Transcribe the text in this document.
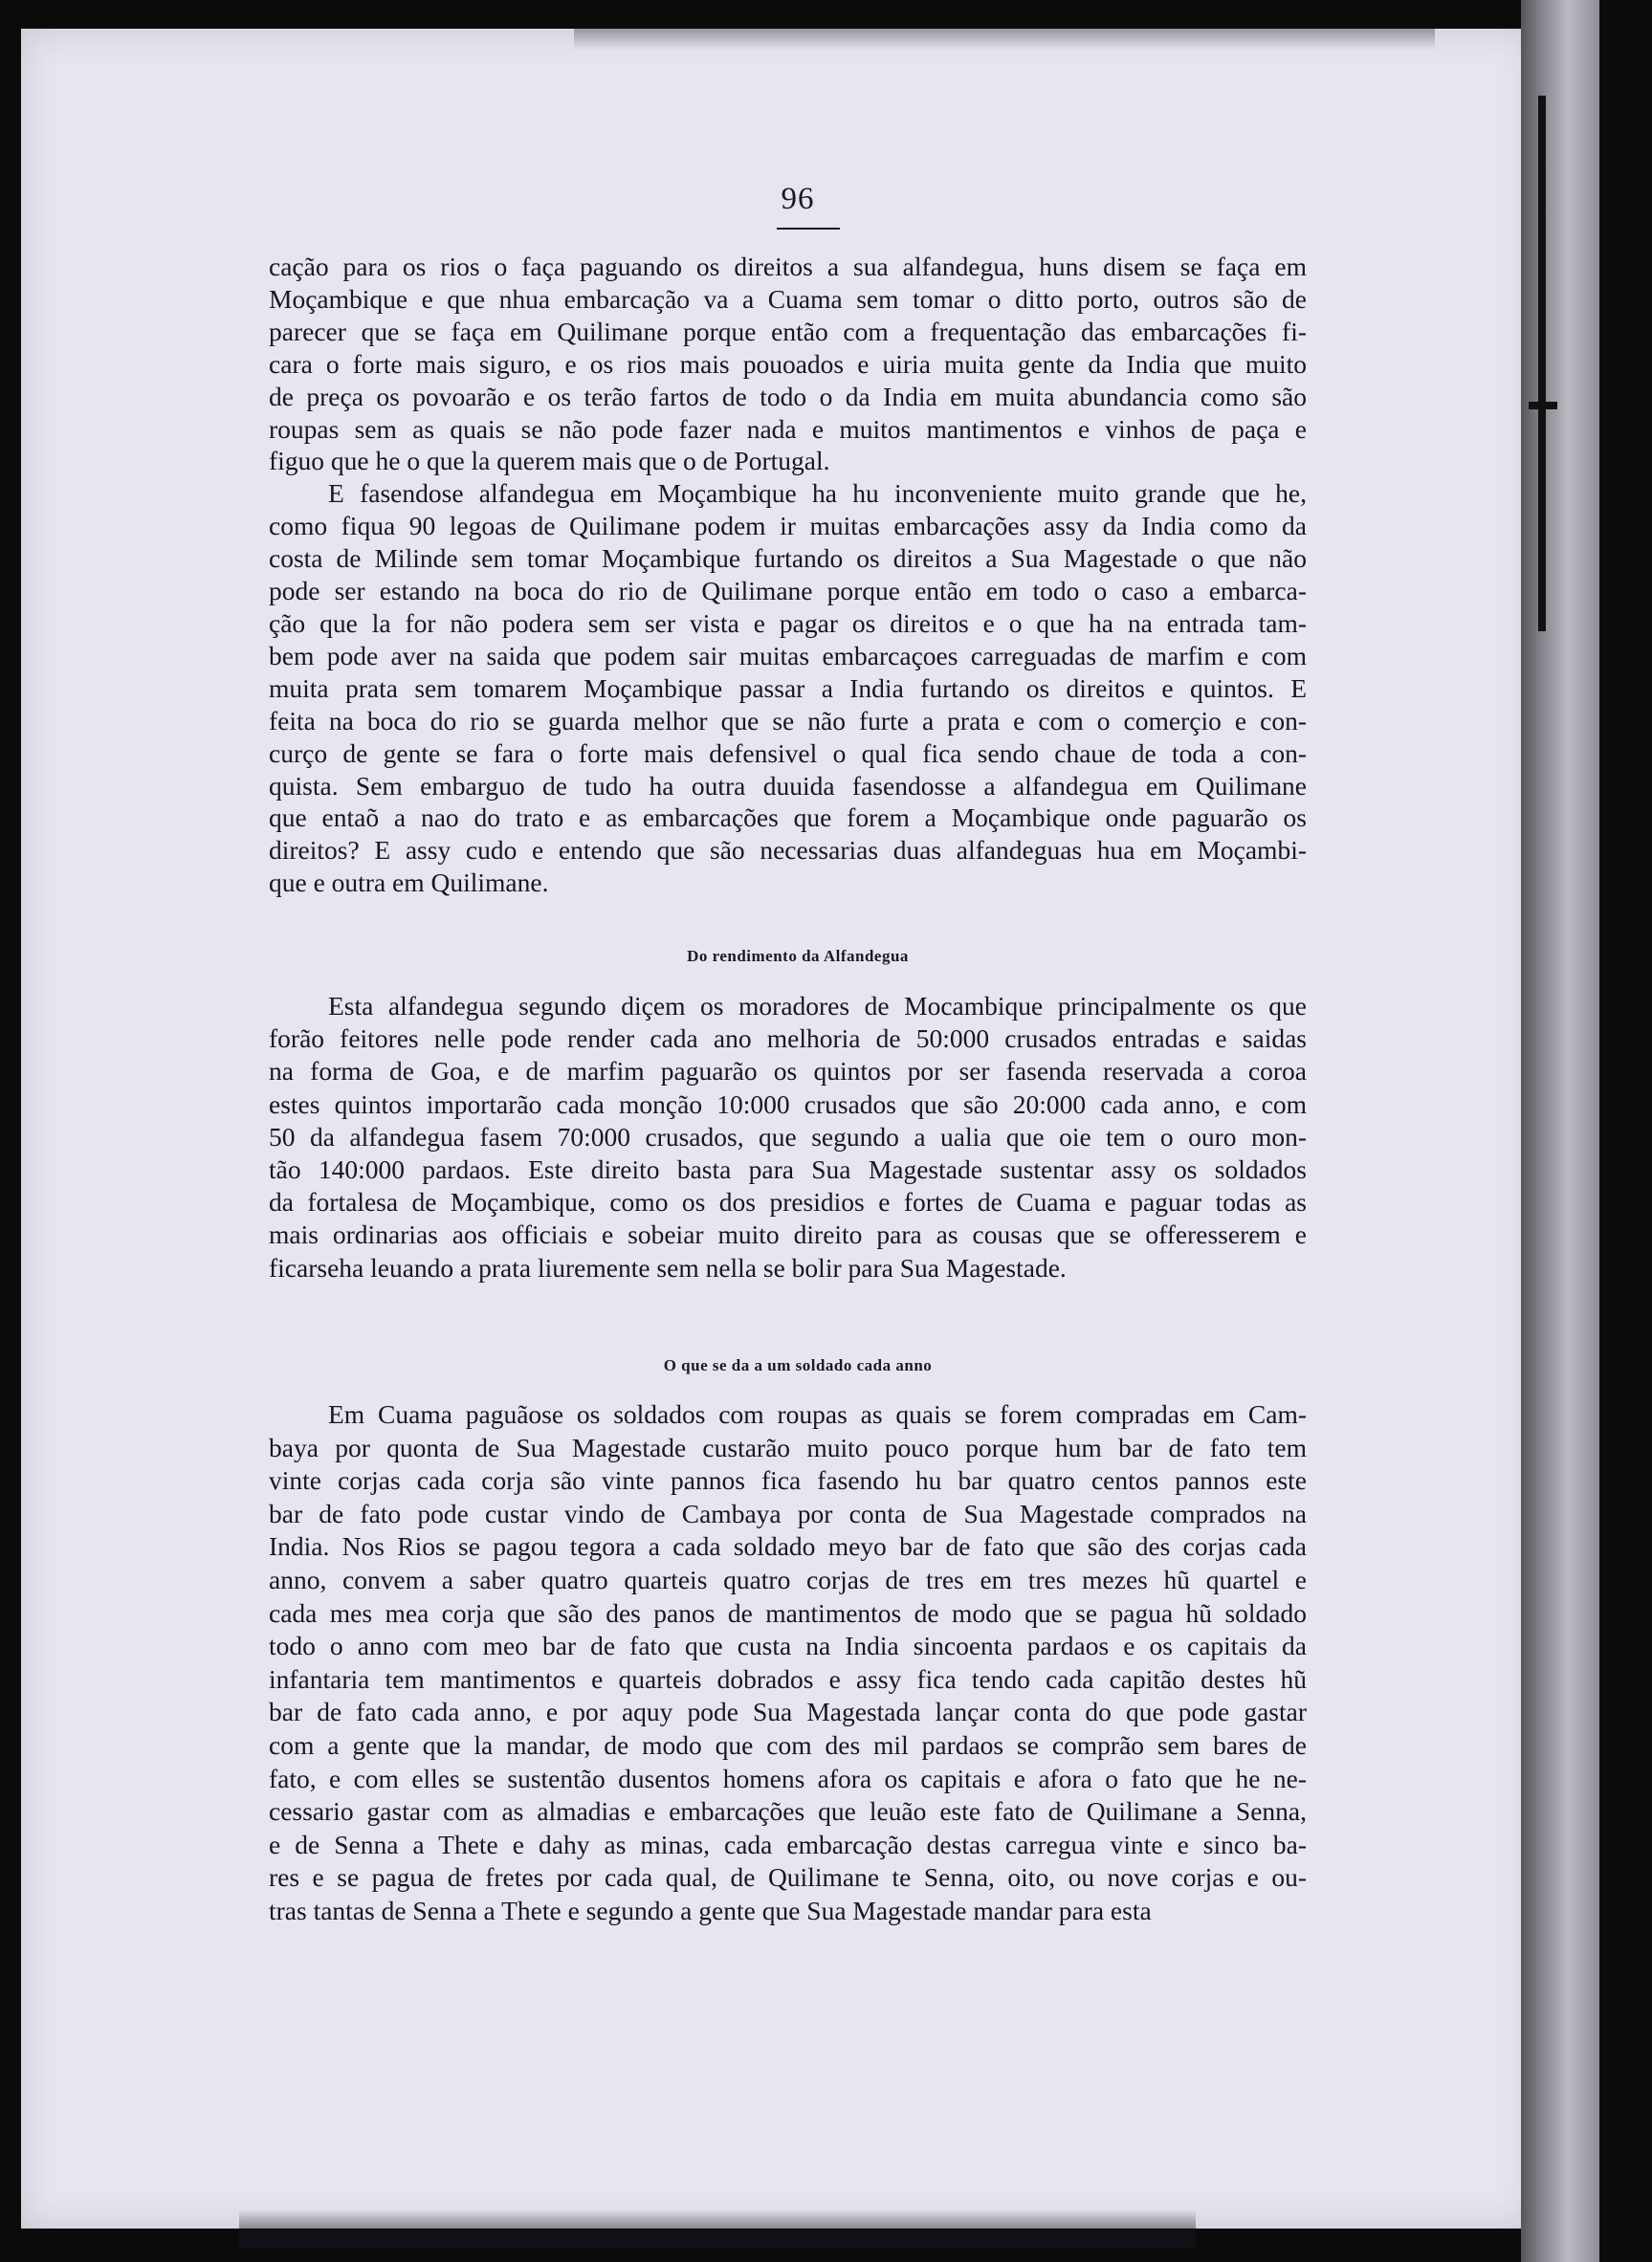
96
cação para os rios o faça paguando os direitos a sua alfandegua, huns disem se faça em
Moçambique e que nhua embarcação va a Cuama sem tomar o ditto porto, outros são de
parecer que se faça em Quilimane porque então com a frequentação das embarcações fi-
cara o forte mais siguro, e os rios mais pouoados e uiria muita gente da India que muito
de preça os povoarão e os terão fartos de todo o da India em muita abundancia como são
roupas sem as quais se não pode fazer nada e muitos mantimentos e vinhos de paça e
figuo que he o que la querem mais que o de Portugal.
E fasendose alfandegua em Moçambique ha hu inconveniente muito grande que he,
como fiqua 90 legoas de Quilimane podem ir muitas embarcações assy da India como da
costa de Milinde sem tomar Moçambique furtando os direitos a Sua Magestade o que não
pode ser estando na boca do rio de Quilimane porque então em todo o caso a embarca-
ção que la for não podera sem ser vista e pagar os direitos e o que ha na entrada tam-
bem pode aver na saida que podem sair muitas embarcaçoes carreguadas de marfim e com
muita prata sem tomarem Moçambique passar a India furtando os direitos e quintos. E
feita na boca do rio se guarda melhor que se não furte a prata e com o comerçio e con-
curço de gente se fara o forte mais defensivel o qual fica sendo chaue de toda a con-
quista. Sem embarguo de tudo ha outra duuida fasendosse a alfandegua em Quilimane
que entaõ a nao do trato e as embarcações que forem a Moçambique onde paguarão os
direitos? E assy cudo e entendo que são necessarias duas alfandeguas hua em Moçambi-
que e outra em Quilimane.
Do rendimento da Alfandegua
Esta alfandegua segundo diçem os moradores de Mocambique principalmente os que
forão feitores nelle pode render cada ano melhoria de 50:000 crusados entradas e saidas
na forma de Goa, e de marfim paguarão os quintos por ser fasenda reservada a coroa
estes quintos importarão cada monção 10:000 crusados que são 20:000 cada anno, e com
50 da alfandegua fasem 70:000 crusados, que segundo a ualia que oie tem o ouro mon-
tão 140:000 pardaos. Este direito basta para Sua Magestade sustentar assy os soldados
da fortalesa de Moçambique, como os dos presidios e fortes de Cuama e paguar todas as
mais ordinarias aos officiais e sobeiar muito direito para as cousas que se offeresserem e
ficarseha leuando a prata liuremente sem nella se bolir para Sua Magestade.
O que se da a um soldado cada anno
Em Cuama paguãose os soldados com roupas as quais se forem compradas em Cam-
baya por quonta de Sua Magestade custarão muito pouco porque hum bar de fato tem
vinte corjas cada corja são vinte pannos fica fasendo hu bar quatro centos pannos este
bar de fato pode custar vindo de Cambaya por conta de Sua Magestade comprados na
India. Nos Rios se pagou tegora a cada soldado meyo bar de fato que são des corjas cada
anno, convem a saber quatro quarteis quatro corjas de tres em tres mezes hũ quartel e
cada mes mea corja que são des panos de mantimentos de modo que se pagua hũ soldado
todo o anno com meo bar de fato que custa na India sincoenta pardaos e os capitais da
infantaria tem mantimentos e quarteis dobrados e assy fica tendo cada capitão destes hũ
bar de fato cada anno, e por aquy pode Sua Magestada lançar conta do que pode gastar
com a gente que la mandar, de modo que com des mil pardaos se comprão sem bares de
fato, e com elles se sustentão dusentos homens afora os capitais e afora o fato que he ne-
cessario gastar com as almadias e embarcações que leuão este fato de Quilimane a Senna,
e de Senna a Thete e dahy as minas, cada embarcação destas carregua vinte e sinco ba-
res e se pagua de fretes por cada qual, de Quilimane te Senna, oito, ou nove corjas e ou-
tras tantas de Senna a Thete e segundo a gente que Sua Magestade mandar para esta
